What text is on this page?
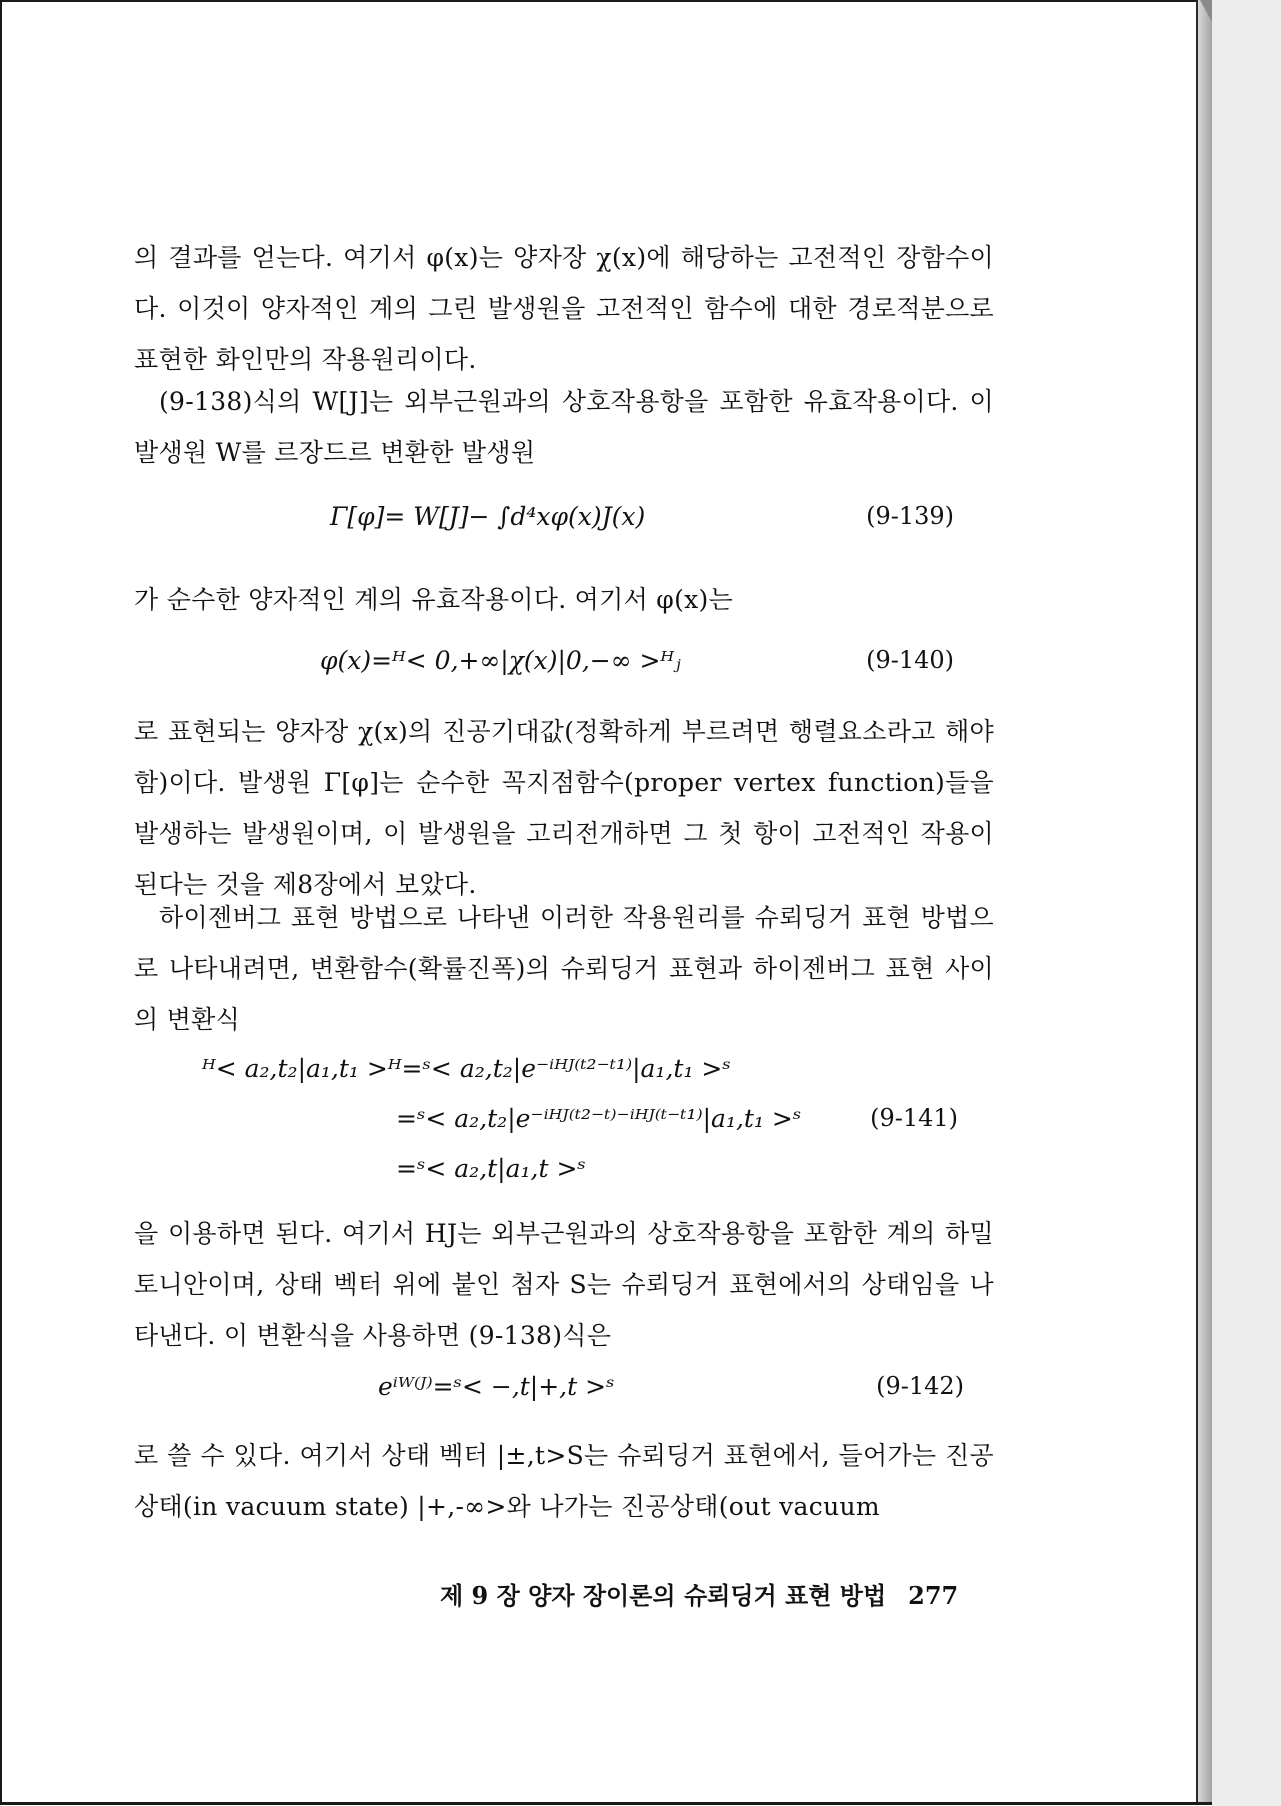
의 결과를 얻는다. 여기서 φ(x)는 양자장 χ(x)에 해당하는 고전적인 장함수이다. 이것이 양자적인 계의 그린 발생원을 고전적인 함수에 대한 경로적분으로 표현한 화인만의 작용원리이다.

(9-138)식의 W[J]는 외부근원과의 상호작용항을 포함한 유효작용이다. 이 발생원 W를 르장드르 변환한 발생원

Γ[φ]= W[J]− ∫d⁴xφ(x)J(x)	(9-139)

가 순수한 양자적인 계의 유효작용이다. 여기서 φ(x)는

φ(x)=ᴴ< 0,+∞|χ(x)|0,−∞ >ᴴⱼ	(9-140)

로 표현되는 양자장 χ(x)의 진공기대값(정확하게 부르려면 행렬요소라고 해야 함)이다. 발생원 Γ[φ]는 순수한 꼭지점함수(proper vertex function)들을 발생하는 발생원이며, 이 발생원을 고리전개하면 그 첫 항이 고전적인 작용이 된다는 것을 제8장에서 보았다.

하이젠버그 표현 방법으로 나타낸 이러한 작용원리를 슈뢰딩거 표현 방법으로 나타내려면, 변환함수(확률진폭)의 슈뢰딩거 표현과 하이젠버그 표현 사이의 변환식

ᴴ< a₂,t₂|a₁,t₁ >ᴴ=ˢ< a₂,t₂|e⁻ⁱᴴᴶ⁽ᵗ²⁻ᵗ¹⁾|a₁,t₁ >ˢ
=ˢ< a₂,t₂|e⁻ⁱᴴᴶ⁽ᵗ²⁻ᵗ⁾⁻ⁱᴴᴶ⁽ᵗ⁻ᵗ¹⁾|a₁,t₁ >ˢ	(9-141)
=ˢ< a₂,t|a₁,t >ˢ

을 이용하면 된다. 여기서 HJ는 외부근원과의 상호작용항을 포함한 계의 하밀토니안이며, 상태 벡터 위에 붙인 첨자 S는 슈뢰딩거 표현에서의 상태임을 나타낸다. 이 변환식을 사용하면 (9-138)식은

eⁱᵂ⁽ᴶ⁾=ˢ< −,t|+,t >ˢ	(9-142)

로 쓸 수 있다. 여기서 상태 벡터 |±,t>S는 슈뢰딩거 표현에서, 들어가는 진공상태(in vacuum state) |+,-∞>와 나가는 진공상태(out vacuum

제 9 장 양자 장이론의 슈뢰딩거 표현 방법 277
